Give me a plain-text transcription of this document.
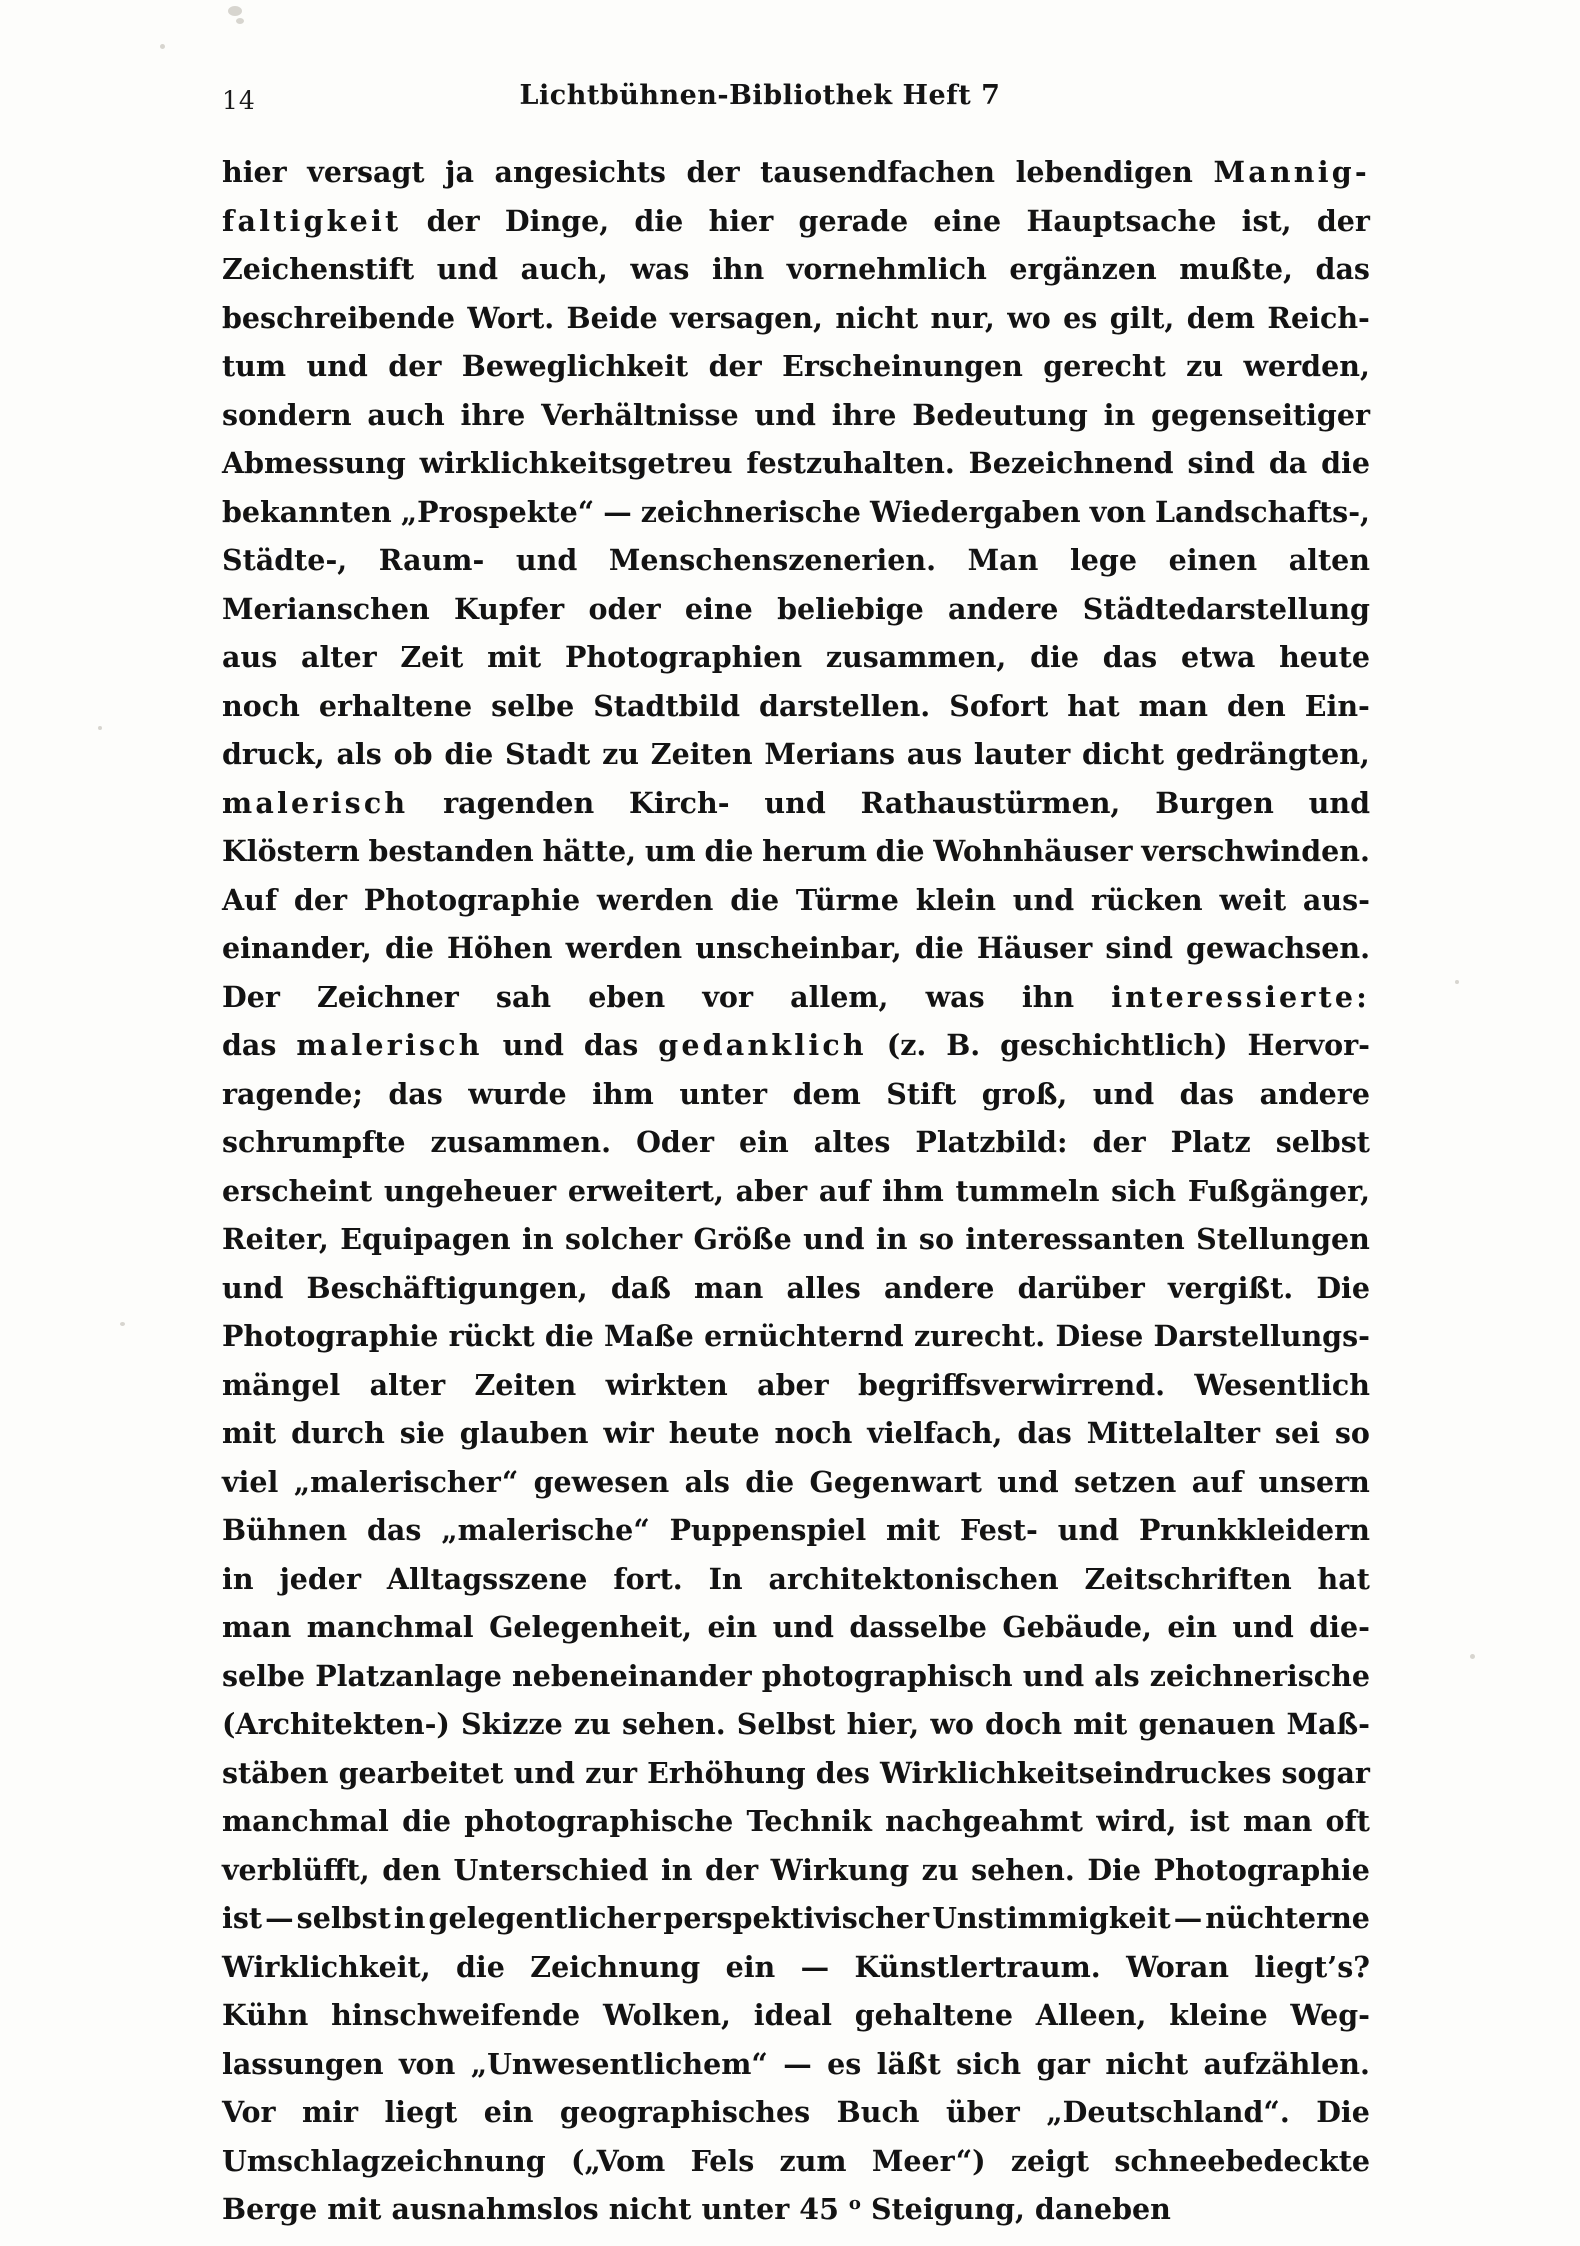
14	Lichtbühnen-Bibliothek Heft 7
hier versagt ja angesichts der tausendfachen lebendigen Mannig-
faltigkeit der Dinge, die hier gerade eine Hauptsache ist, der
Zeichenstift und auch, was ihn vornehmlich ergänzen mußte, das
beschreibende Wort. Beide versagen, nicht nur, wo es gilt, dem Reich-
tum und der Beweglichkeit der Erscheinungen gerecht zu werden,
sondern auch ihre Verhältnisse und ihre Bedeutung in gegenseitiger
Abmessung wirklichkeitsgetreu festzuhalten. Bezeichnend sind da die
bekannten „Prospekte“ — zeichnerische Wiedergaben von Landschafts-,
Städte-, Raum- und Menschenszenerien. Man lege einen alten
Merianschen Kupfer oder eine beliebige andere Städtedarstellung
aus alter Zeit mit Photographien zusammen, die das etwa heute
noch erhaltene selbe Stadtbild darstellen. Sofort hat man den Ein-
druck, als ob die Stadt zu Zeiten Merians aus lauter dicht gedrängten,
malerisch ragenden Kirch- und Rathaustürmen, Burgen und
Klöstern bestanden hätte, um die herum die Wohnhäuser verschwinden.
Auf der Photographie werden die Türme klein und rücken weit aus-
einander, die Höhen werden unscheinbar, die Häuser sind gewachsen.
Der Zeichner sah eben vor allem, was ihn interessierte:
das malerisch und das gedanklich (z. B. geschichtlich) Hervor-
ragende; das wurde ihm unter dem Stift groß, und das andere
schrumpfte zusammen. Oder ein altes Platzbild: der Platz selbst
erscheint ungeheuer erweitert, aber auf ihm tummeln sich Fußgänger,
Reiter, Equipagen in solcher Größe und in so interessanten Stellungen
und Beschäftigungen, daß man alles andere darüber vergißt. Die
Photographie rückt die Maße ernüchternd zurecht. Diese Darstellungs-
mängel alter Zeiten wirkten aber begriffsverwirrend. Wesentlich
mit durch sie glauben wir heute noch vielfach, das Mittelalter sei so
viel „malerischer“ gewesen als die Gegenwart und setzen auf unsern
Bühnen das „malerische“ Puppenspiel mit Fest- und Prunkkleidern
in jeder Alltagsszene fort. In architektonischen Zeitschriften hat
man manchmal Gelegenheit, ein und dasselbe Gebäude, ein und die-
selbe Platzanlage nebeneinander photographisch und als zeichnerische
(Architekten-) Skizze zu sehen. Selbst hier, wo doch mit genauen Maß-
stäben gearbeitet und zur Erhöhung des Wirklichkeitseindruckes sogar
manchmal die photographische Technik nachgeahmt wird, ist man oft
verblüfft, den Unterschied in der Wirkung zu sehen. Die Photographie
ist — selbst in gelegentlicher perspektivischer Unstimmigkeit — nüchterne
Wirklichkeit, die Zeichnung ein — Künstlertraum. Woran liegt’s?
Kühn hinschweifende Wolken, ideal gehaltene Alleen, kleine Weg-
lassungen von „Unwesentlichem“ — es läßt sich gar nicht aufzählen.
Vor mir liegt ein geographisches Buch über „Deutschland“. Die
Umschlagzeichnung („Vom Fels zum Meer“) zeigt schneebedeckte
Berge mit ausnahmslos nicht unter 45 $^o$ Steigung, daneben
